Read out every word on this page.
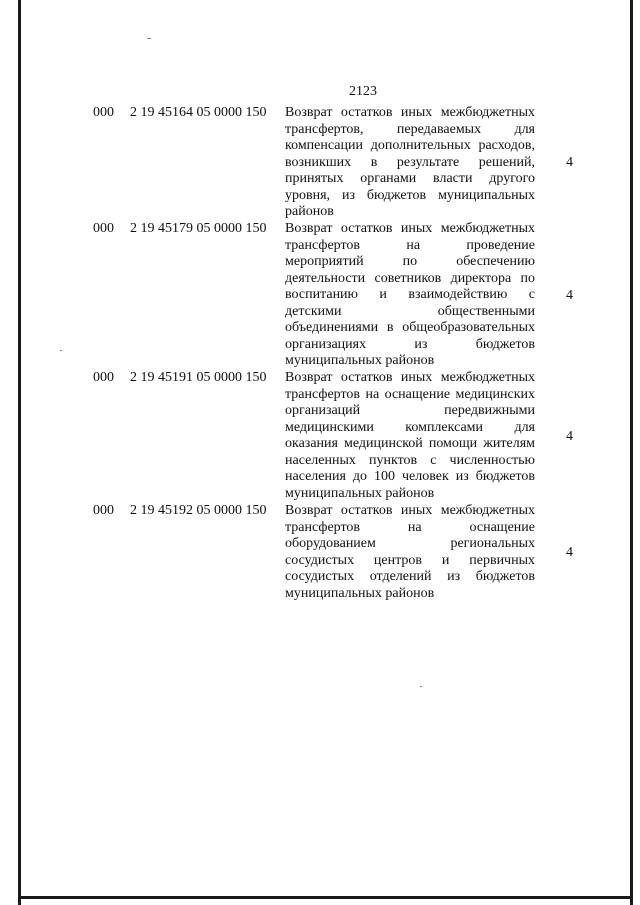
2123
000 2 19 45164 05 0000 150 Возврат остатков иных межбюджетных
трансфертов, передаваемых для
компенсации дополнительных расходов,
возникших в результате решений,
принятых органами власти другого
уровня, из бюджетов муниципальных
районов
4
000 2 19 45179 05 0000 150 Возврат остатков иных межбюджетных
трансфертов на проведение
мероприятий по обеспечению
деятельности советников директора по
воспитанию и взаимодействию с
детскими общественными
объединениями в общеобразовательных
организациях из бюджетов
муниципальных районов
4
000 2 19 45191 05 0000 150 Возврат остатков иных межбюджетных
трансфертов на оснащение медицинских
организаций передвижными
медицинскими комплексами для
оказания медицинской помощи жителям
населенных пунктов с численностью
населения до 100 человек из бюджетов
муниципальных районов
4
000 2 19 45192 05 0000 150 Возврат остатков иных межбюджетных
трансфертов на оснащение
оборудованием региональных
сосудистых центров и первичных
сосудистых отделений из бюджетов
муниципальных районов
4
